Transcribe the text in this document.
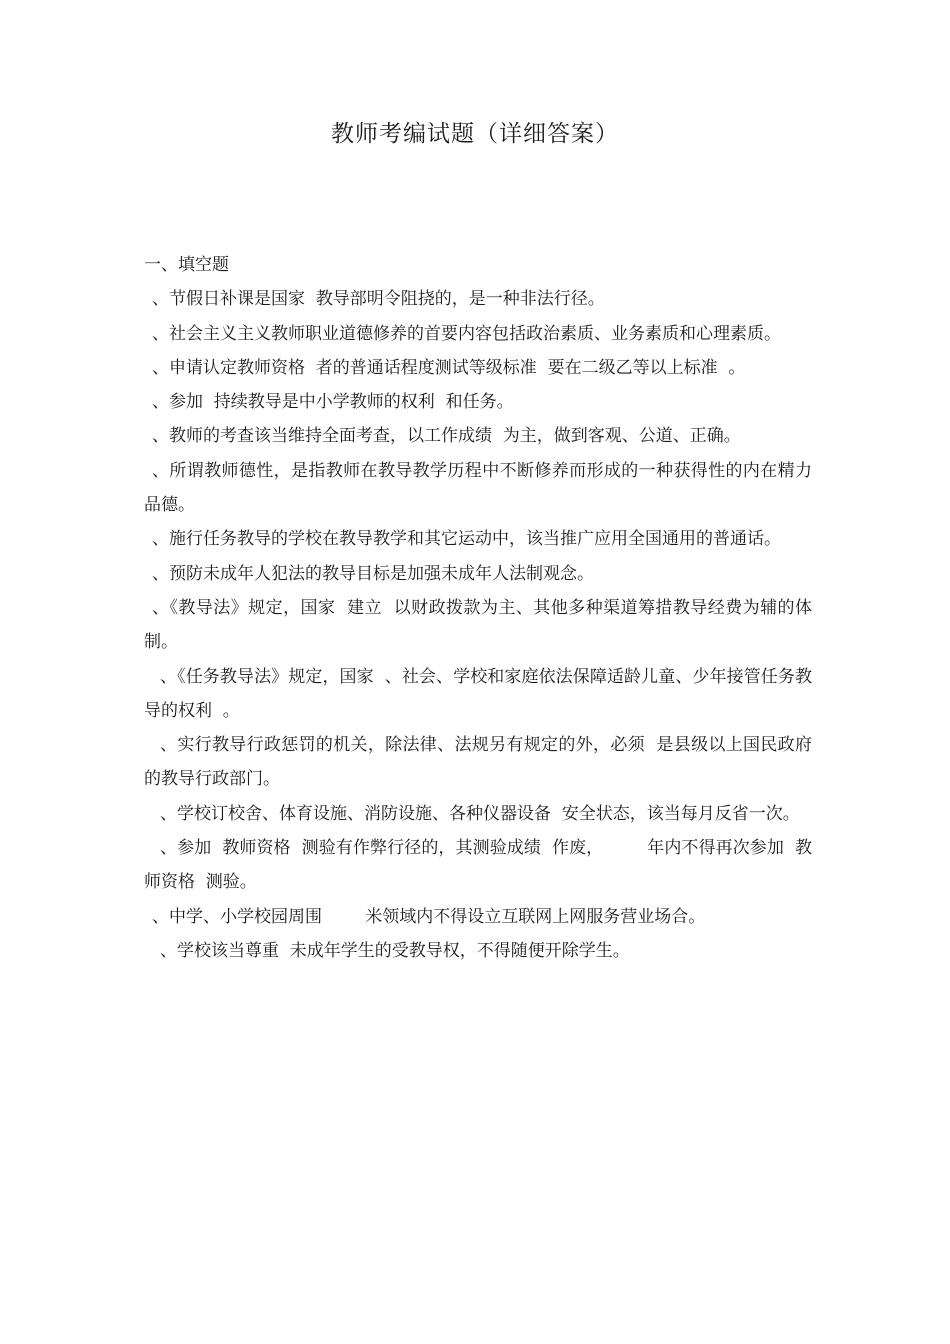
教师考编试题（详细答案）

一、填空题

、节假日补课是国家  教导部明令阻挠的，是一种非法行径。

、社会主义主义教师职业道德修养的首要内容包括政治素质、业务素质和心理素质。

、申请认定教师资格  者的普通话程度测试等级标准  要在二级乙等以上标准  。

、参加  持续教导是中小学教师的权利  和任务。

、教师的考查该当维持全面考查，以工作成绩  为主，做到客观、公道、正确。

、所谓教师德性，是指教师在教导教学历程中不断修养而形成的一种获得性的内在精力品德。

、施行任务教导的学校在教导教学和其它运动中，该当推广应用全国通用的普通话。

、预防未成年人犯法的教导目标是加强未成年人法制观念。

、《教导法》规定，国家  建立  以财政拨款为主、其他多种渠道筹措教导经费为辅的体制。

、《任务教导法》规定，国家  、社会、学校和家庭依法保障适龄儿童、少年接管任务教导的权利  。

、实行教导行政惩罚的机关，除法律、法规另有规定的外，必须  是县级以上国民政府的教导行政部门。

、学校订校舍、体育设施、消防设施、各种仪器设备  安全状态，该当每月反省一次。

、参加  教师资格  测验有作弊行径的，其测验成绩  作废，        年内不得再次参加  教师资格  测验。

、中学、小学校园周围        米领域内不得设立互联网上网服务营业场合。

、学校该当尊重  未成年学生的受教导权，不得随便开除学生。
